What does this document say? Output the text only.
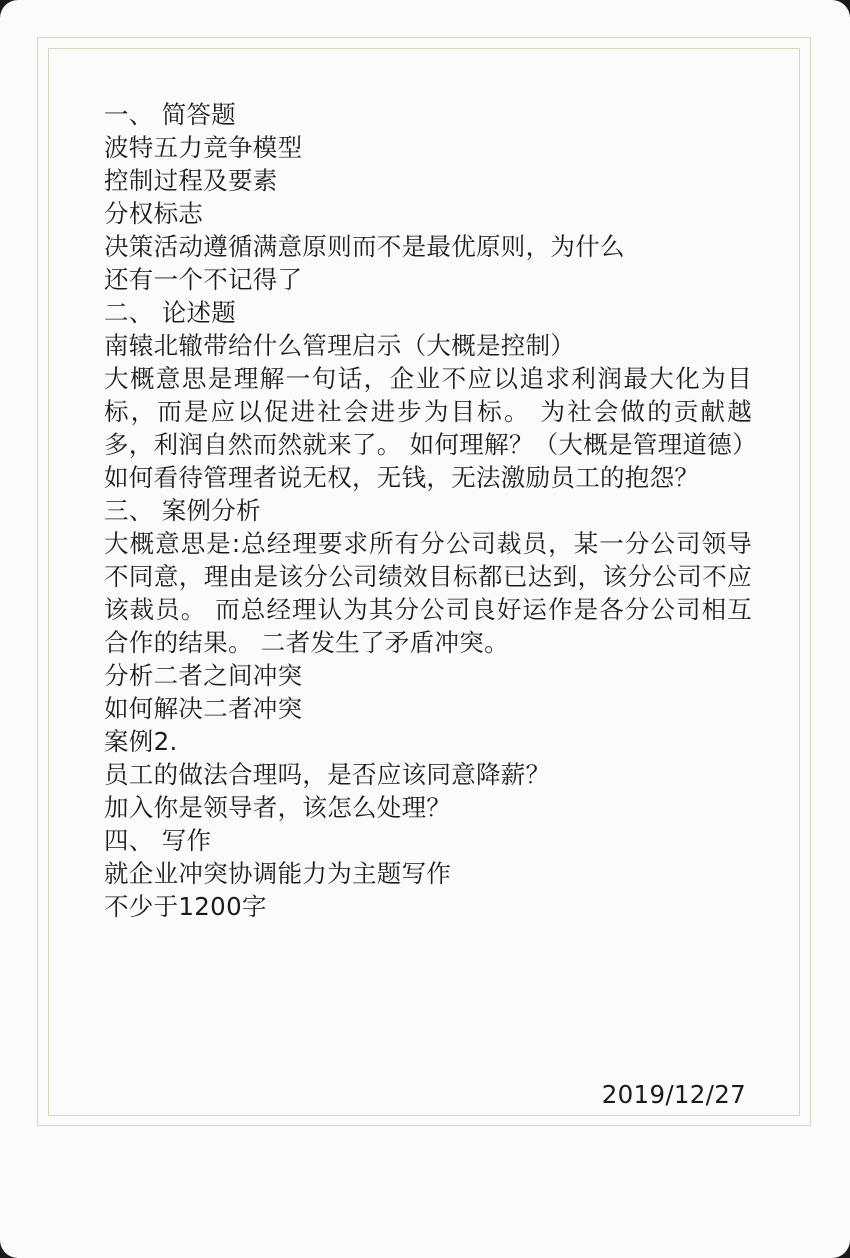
一、 简答题

波特五力竞争模型

控制过程及要素

分权标志

决策活动遵循满意原则而不是最优原则，为什么

还有一个不记得了

二、 论述题

南辕北辙带给什么管理启示（大概是控制）

大概意思是理解一句话，企业不应以追求利润最大化为目标，而是应以促进社会进步为目标。 为社会做的贡献越多，利润自然而然就来了。 如何理解？（大概是管理道德）

如何看待管理者说无权，无钱，无法激励员工的抱怨？

三、 案例分析

大概意思是:总经理要求所有分公司裁员，某一分公司领导不同意，理由是该分公司绩效目标都已达到，该分公司不应该裁员。 而总经理认为其分公司良好运作是各分公司相互合作的结果。 二者发生了矛盾冲突。

分析二者之间冲突

如何解决二者冲突

案例2.

员工的做法合理吗，是否应该同意降薪？

加入你是领导者，该怎么处理？

四、 写作

就企业冲突协调能力为主题写作

不少于1200字

2019/12/27
